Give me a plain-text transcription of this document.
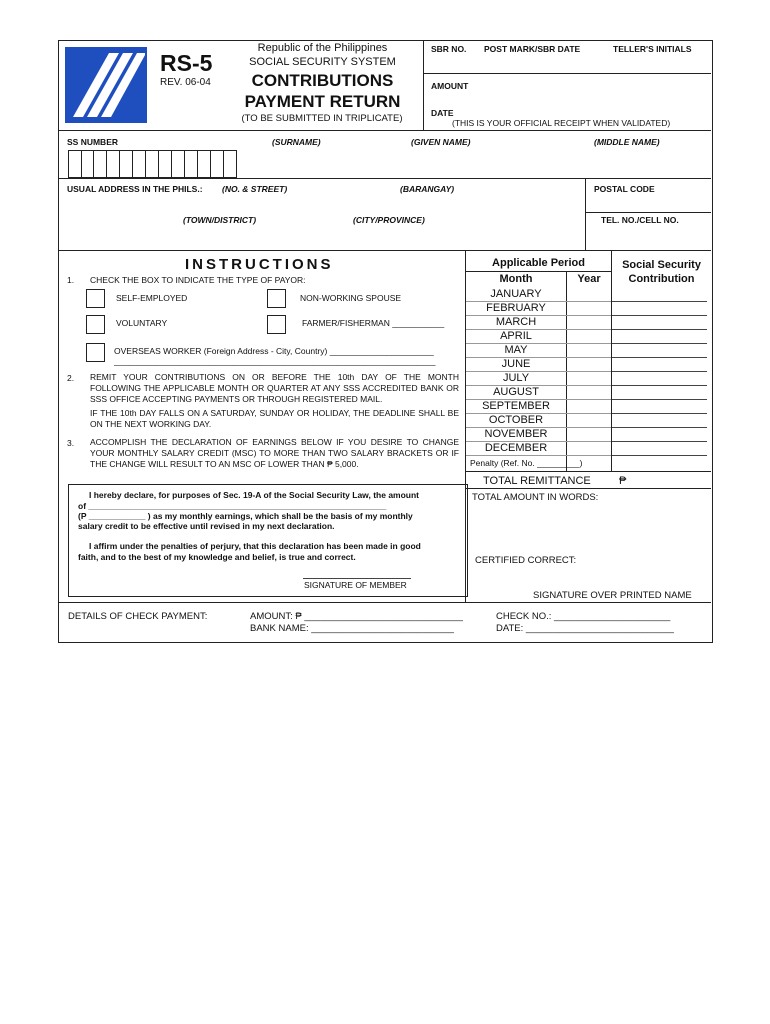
RS-5
REV. 06-04
Republic of the Philippines
SOCIAL SECURITY SYSTEM
CONTRIBUTIONS
PAYMENT RETURN
(TO BE SUBMITTED IN TRIPLICATE)
SBR NO. POST MARK/SBR DATE	TELLER'S INITIALS
AMOUNT
DATE
(THIS IS YOUR OFFICIAL RECEIPT WHEN VALIDATED)
SS NUMBER	(SURNAME)	(GIVEN NAME)	(MIDDLE NAME)
USUAL ADDRESS IN THE PHILS.: (NO. & STREET)	(BARANGAY)	POSTAL CODE
(TOWN/DISTRICT)	(CITY/PROVINCE)	TEL. NO./CELL NO.
INSTRUCTIONS
1. CHECK THE BOX TO INDICATE THE TYPE OF PAYOR:
SELF-EMPLOYED	NON-WORKING SPOUSE
VOLUNTARY	FARMER/FISHERMAN ___________
OVERSEAS WORKER (Foreign Address - City, Country) ______________________
____________________________________________________________________
2. REMIT YOUR CONTRIBUTIONS ON OR BEFORE THE 10th DAY OF THE MONTH FOLLOWING THE APPLICABLE MONTH OR QUARTER AT ANY SSS ACCREDITED BANK OR SSS OFFICE ACCEPTING PAYMENTS OR THROUGH REGISTERED MAIL.
IF THE 10th DAY FALLS ON A SATURDAY, SUNDAY OR HOLIDAY, THE DEADLINE SHALL BE ON THE NEXT WORKING DAY.
3. ACCOMPLISH THE DECLARATION OF EARNINGS BELOW IF YOU DESIRE TO CHANGE YOUR MONTHLY SALARY CREDIT (MSC) TO MORE THAN TWO SALARY BRACKETS OR IF THE CHANGE WILL RESULT TO AN MSC OF LOWER THAN ₱ 5,000.
I hereby declare, for purposes of Sec. 19-A of the Social Security Law, the amount
of _______________________________________________________________
(P ____________ ) as my monthly earnings, which shall be the basis of my monthly
salary credit to be effective until revised in my next declaration.
I affirm under the penalties of perjury, that this declaration has been made in good faith, and to the best of my knowledge and belief, is true and correct.
SIGNATURE OF MEMBER
Applicable Period
Month	Year
Social Security
Contribution
JANUARY
FEBRUARY
MARCH
APRIL
MAY
JUNE
JULY
AUGUST
SEPTEMBER
OCTOBER
NOVEMBER
DECEMBER
Penalty (Ref. No. _________)
TOTAL REMITTANCE	₱
TOTAL AMOUNT IN WORDS:
CERTIFIED CORRECT:
SIGNATURE OVER PRINTED NAME
DETAILS OF CHECK PAYMENT:	AMOUNT: ₱ ______________________________
BANK NAME: ___________________________
CHECK NO.: ______________________
DATE: ____________________________
